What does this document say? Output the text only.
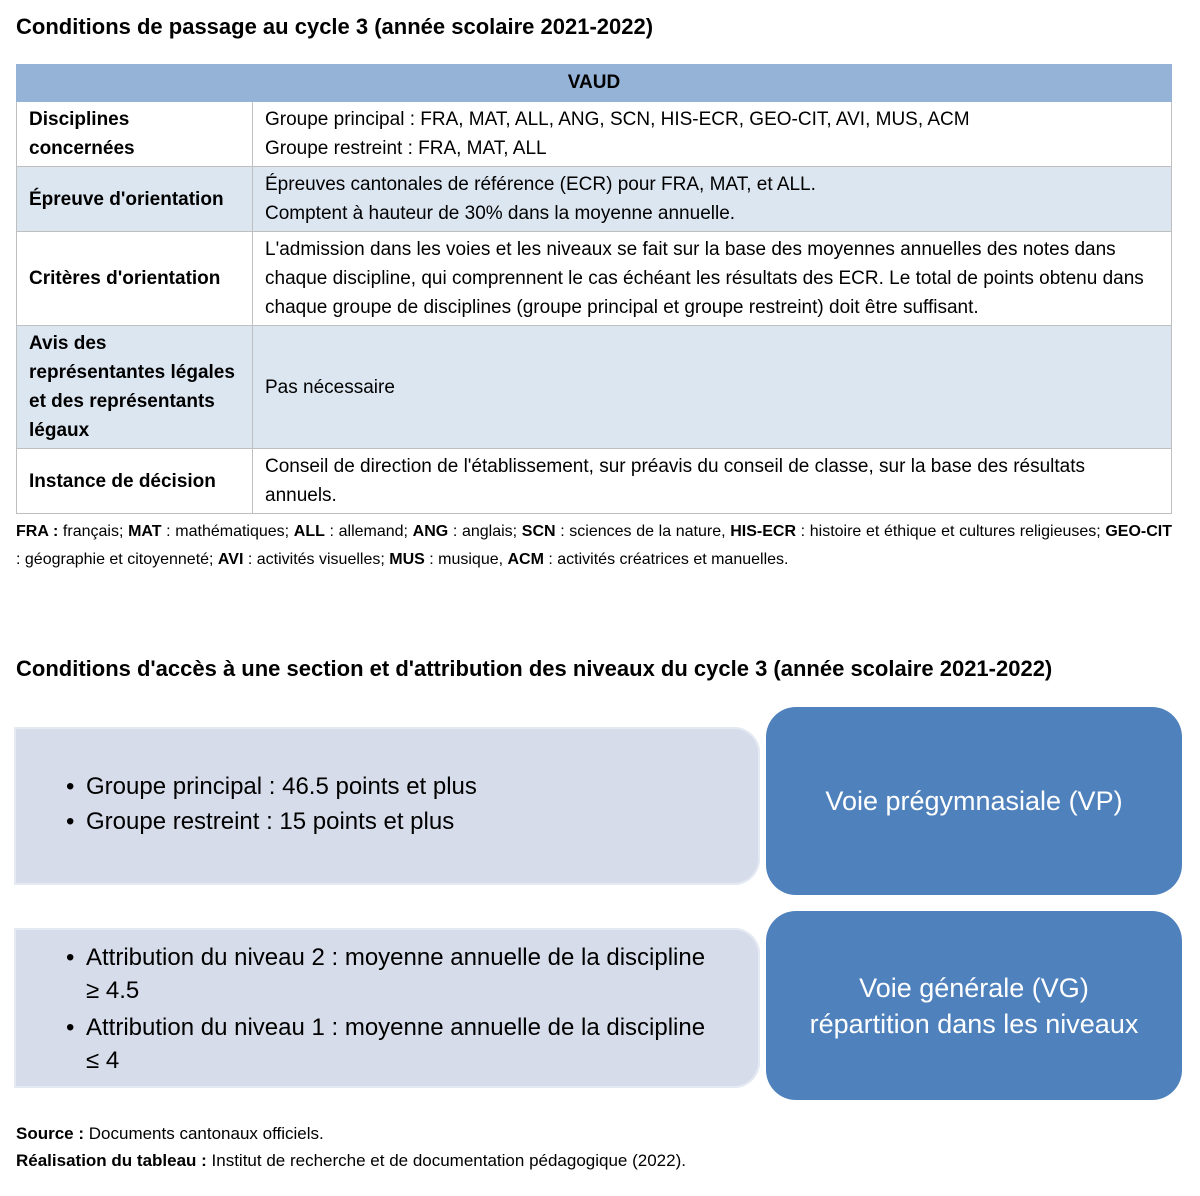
Conditions de passage au cycle 3 (année scolaire 2021-2022)
VAUD	
Disciplines concernées	Groupe principal : FRA, MAT, ALL, ANG, SCN, HIS-ECR, GEO-CIT, AVI, MUS, ACM
Groupe restreint : FRA, MAT, ALL

Épreuve d'orientation	Épreuves cantonales de référence (ECR) pour FRA, MAT, et ALL.
Comptent à hauteur de 30% dans la moyenne annuelle.

Critères d'orientation	L'admission dans les voies et les niveaux se fait sur la base des moyennes annuelles des notes dans chaque discipline, qui comprennent le cas échéant les résultats des ECR. Le total de points obtenu dans chaque groupe de disciplines (groupe principal et groupe restreint) doit être suffisant.

Avis des représentantes légales et des représentants légaux	Pas nécessaire

Instance de décision	Conseil de direction de l'établissement, sur préavis du conseil de classe, sur la base des résultats annuels.
FRA : français; MAT : mathématiques; ALL : allemand; ANG : anglais; SCN : sciences de la nature, HIS-ECR : histoire et éthique et cultures religieuses; GEO-CIT : géographie et citoyenneté; AVI : activités visuelles; MUS : musique, ACM : activités créatrices et manuelles.
Conditions d'accès à une section et d'attribution des niveaux du cycle 3 (année scolaire 2021-2022)
• Groupe principal : 46.5 points et plus
• Groupe restreint : 15 points et plus
Voie prégymnasiale (VP)
• Attribution du niveau 2 : moyenne annuelle de la discipline ≥ 4.5
• Attribution du niveau 1 : moyenne annuelle de la discipline ≤ 4
Voie générale (VG)
répartition dans les niveaux
Source : Documents cantonaux officiels.
Réalisation du tableau : Institut de recherche et de documentation pédagogique (2022).
